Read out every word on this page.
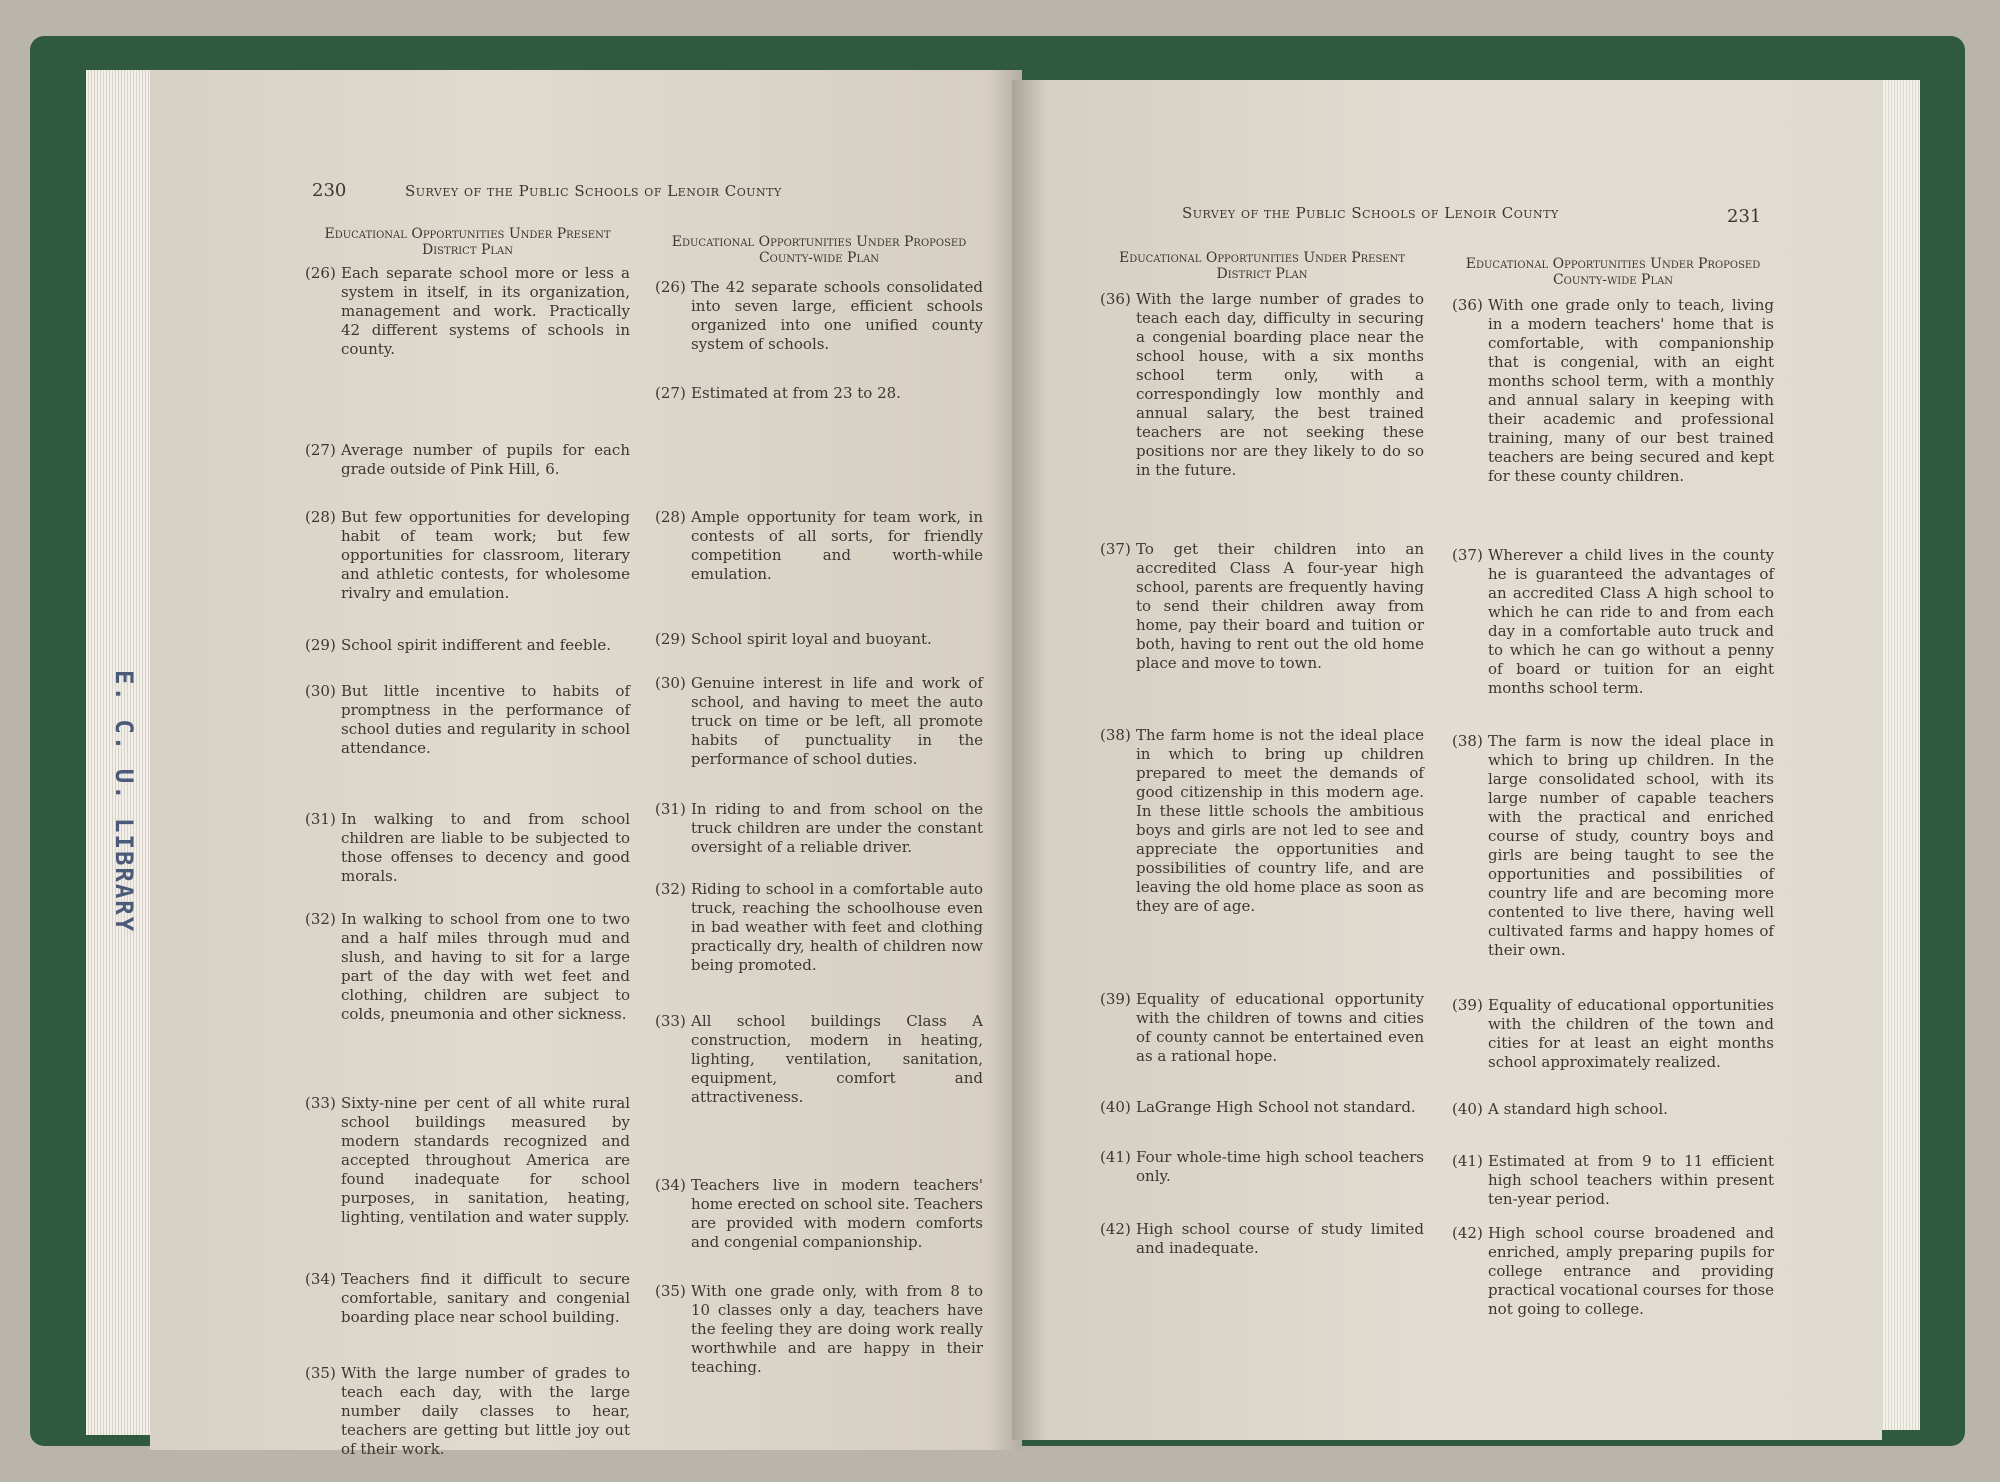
E. C. U. LIBRARY
230	Survey of the Public Schools of Lenoir County
Educational Opportunities Under Present District Plan
(26) Each separate school more or less a system in itself, in its organization, management and work. Practically 42 different systems of schools in county.
(27) Average number of pupils for each grade outside of Pink Hill, 6.
(28) But few opportunities for developing habit of team work; but few opportunities for classroom, literary and athletic contests, for wholesome rivalry and emulation.
(29) School spirit indifferent and feeble.
(30) But little incentive to habits of promptness in the performance of school duties and regularity in school attendance.
(31) In walking to and from school children are liable to be subjected to those offenses to decency and good morals.
(32) In walking to school from one to two and a half miles through mud and slush, and having to sit for a large part of the day with wet feet and clothing, children are subject to colds, pneumonia and other sickness.
(33) Sixty-nine per cent of all white rural school buildings measured by modern standards recognized and accepted throughout America are found inadequate for school purposes, in sanitation, heating, lighting, ventilation and water supply.
(34) Teachers find it difficult to secure comfortable, sanitary and congenial boarding place near school building.
(35) With the large number of grades to teach each day, with the large number daily classes to hear, teachers are getting but little joy out of their work.
Educational Opportunities Under Proposed County-wide Plan
(26) The 42 separate schools consolidated into seven large, efficient schools organized into one unified county system of schools.
(27) Estimated at from 23 to 28.
(28) Ample opportunity for team work, in contests of all sorts, for friendly competition and worth-while emulation.
(29) School spirit loyal and buoyant.
(30) Genuine interest in life and work of school, and having to meet the auto truck on time or be left, all promote habits of punctuality in the performance of school duties.
(31) In riding to and from school on the truck children are under the constant oversight of a reliable driver.
(32) Riding to school in a comfortable auto truck, reaching the schoolhouse even in bad weather with feet and clothing practically dry, health of children now being promoted.
(33) All school buildings Class A construction, modern in heating, lighting, ventilation, sanitation, equipment, comfort and attractiveness.
(34) Teachers live in modern teachers' home erected on school site. Teachers are provided with modern comforts and congenial companionship.
(35) With one grade only, with from 8 to 10 classes only a day, teachers have the feeling they are doing work really worthwhile and are happy in their teaching.
Survey of the Public Schools of Lenoir County	231
Educational Opportunities Under Present District Plan
(36) With the large number of grades to teach each day, difficulty in securing a congenial boarding place near the school house, with a six months school term only, with a correspondingly low monthly and annual salary, the best trained teachers are not seeking these positions nor are they likely to do so in the future.
(37) To get their children into an accredited Class A four-year high school, parents are frequently having to send their children away from home, pay their board and tuition or both, having to rent out the old home place and move to town.
(38) The farm home is not the ideal place in which to bring up children prepared to meet the demands of good citizenship in this modern age. In these little schools the ambitious boys and girls are not led to see and appreciate the opportunities and possibilities of country life, and are leaving the old home place as soon as they are of age.
(39) Equality of educational opportunity with the children of towns and cities of county cannot be entertained even as a rational hope.
(40) LaGrange High School not standard.
(41) Four whole-time high school teachers only.
(42) High school course of study limited and inadequate.
Educational Opportunities Under Proposed County-wide Plan
(36) With one grade only to teach, living in a modern teachers' home that is comfortable, with companionship that is congenial, with an eight months school term, with a monthly and annual salary in keeping with their academic and professional training, many of our best trained teachers are being secured and kept for these county children.
(37) Wherever a child lives in the county he is guaranteed the advantages of an accredited Class A high school to which he can ride to and from each day in a comfortable auto truck and to which he can go without a penny of board or tuition for an eight months school term.
(38) The farm is now the ideal place in which to bring up children. In the large consolidated school, with its large number of capable teachers with the practical and enriched course of study, country boys and girls are being taught to see the opportunities and possibilities of country life and are becoming more contented to live there, having well cultivated farms and happy homes of their own.
(39) Equality of educational opportunities with the children of the town and cities for at least an eight months school approximately realized.
(40) A standard high school.
(41) Estimated at from 9 to 11 efficient high school teachers within present ten-year period.
(42) High school course broadened and enriched, amply preparing pupils for college entrance and providing practical vocational courses for those not going to college.
